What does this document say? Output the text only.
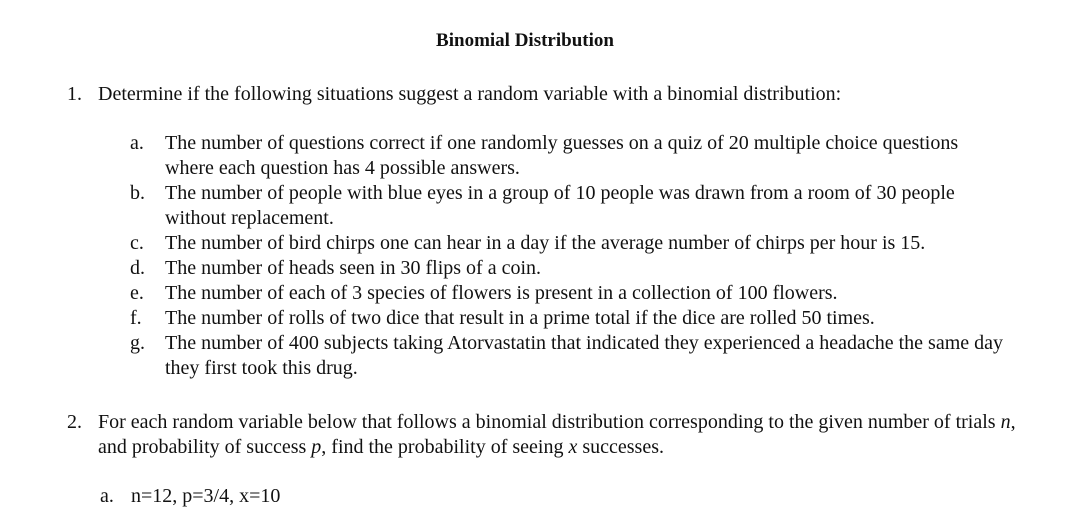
Binomial Distribution
1. Determine if the following situations suggest a random variable with a binomial distribution:
a. The number of questions correct if one randomly guesses on a quiz of 20 multiple choice questions where each question has 4 possible answers.
b. The number of people with blue eyes in a group of 10 people was drawn from a room of 30 people without replacement.
c. The number of bird chirps one can hear in a day if the average number of chirps per hour is 15.
d. The number of heads seen in 30 flips of a coin.
e. The number of each of 3 species of flowers is present in a collection of 100 flowers.
f. The number of rolls of two dice that result in a prime total if the dice are rolled 50 times.
g. The number of 400 subjects taking Atorvastatin that indicated they experienced a headache the same day they first took this drug.
2. For each random variable below that follows a binomial distribution corresponding to the given number of trials n, and probability of success p, find the probability of seeing x successes.
a. n=12, p=3/4, x=10
